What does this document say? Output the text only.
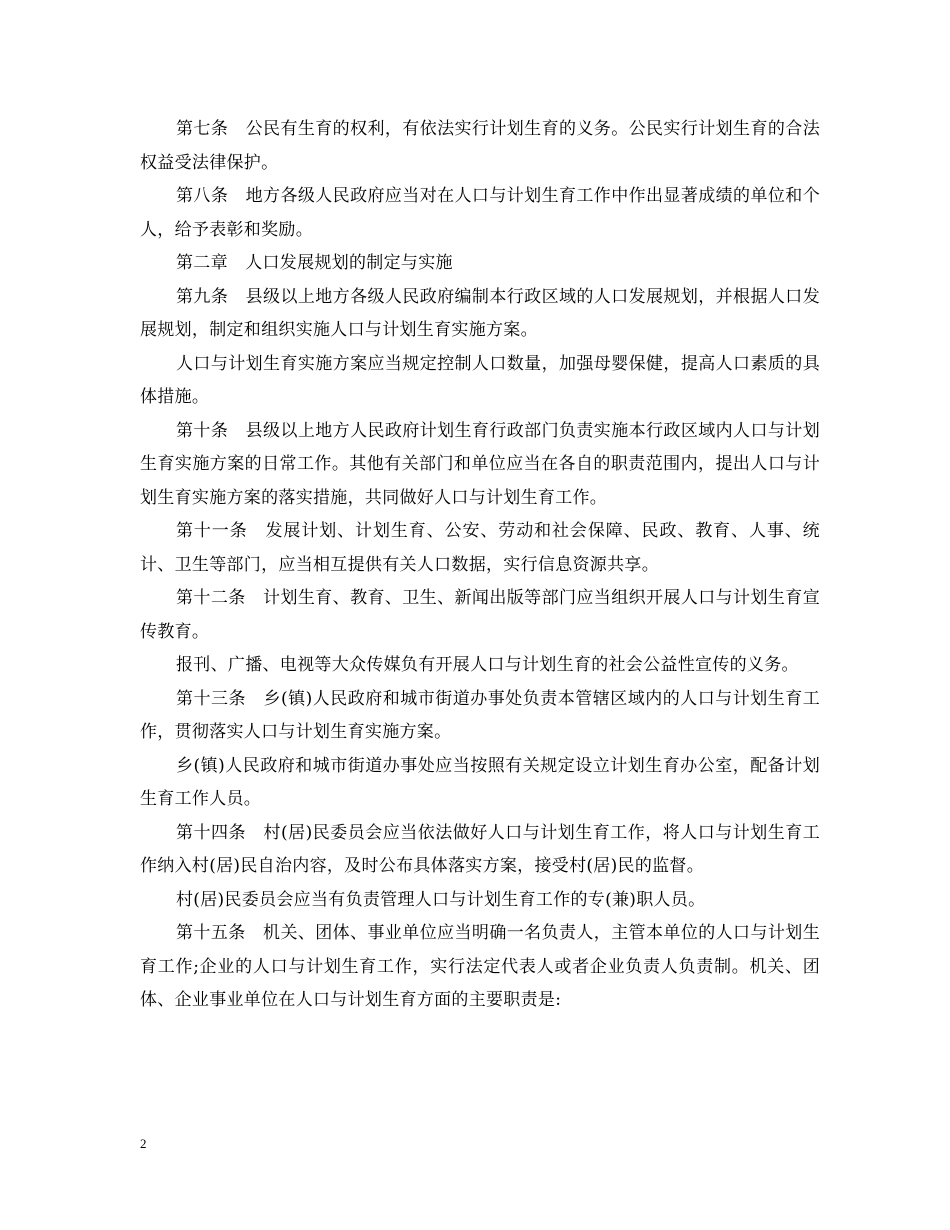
第七条　公民有生育的权利，有依法实行计划生育的义务。公民实行计划生育的合法权益受法律保护。

第八条　地方各级人民政府应当对在人口与计划生育工作中作出显著成绩的单位和个人，给予表彰和奖励。

第二章　人口发展规划的制定与实施

第九条　县级以上地方各级人民政府编制本行政区域的人口发展规划，并根据人口发展规划，制定和组织实施人口与计划生育实施方案。

人口与计划生育实施方案应当规定控制人口数量，加强母婴保健，提高人口素质的具体措施。

第十条　县级以上地方人民政府计划生育行政部门负责实施本行政区域内人口与计划生育实施方案的日常工作。其他有关部门和单位应当在各自的职责范围内，提出人口与计划生育实施方案的落实措施，共同做好人口与计划生育工作。

第十一条　发展计划、计划生育、公安、劳动和社会保障、民政、教育、人事、统计、卫生等部门，应当相互提供有关人口数据，实行信息资源共享。

第十二条　计划生育、教育、卫生、新闻出版等部门应当组织开展人口与计划生育宣传教育。

报刊、广播、电视等大众传媒负有开展人口与计划生育的社会公益性宣传的义务。

第十三条　乡(镇)人民政府和城市街道办事处负责本管辖区域内的人口与计划生育工作，贯彻落实人口与计划生育实施方案。

乡(镇)人民政府和城市街道办事处应当按照有关规定设立计划生育办公室，配备计划生育工作人员。

第十四条　村(居)民委员会应当依法做好人口与计划生育工作，将人口与计划生育工作纳入村(居)民自治内容，及时公布具体落实方案，接受村(居)民的监督。

村(居)民委员会应当有负责管理人口与计划生育工作的专(兼)职人员。

第十五条　机关、团体、事业单位应当明确一名负责人，主管本单位的人口与计划生育工作;企业的人口与计划生育工作，实行法定代表人或者企业负责人负责制。机关、团体、企业事业单位在人口与计划生育方面的主要职责是:

2
